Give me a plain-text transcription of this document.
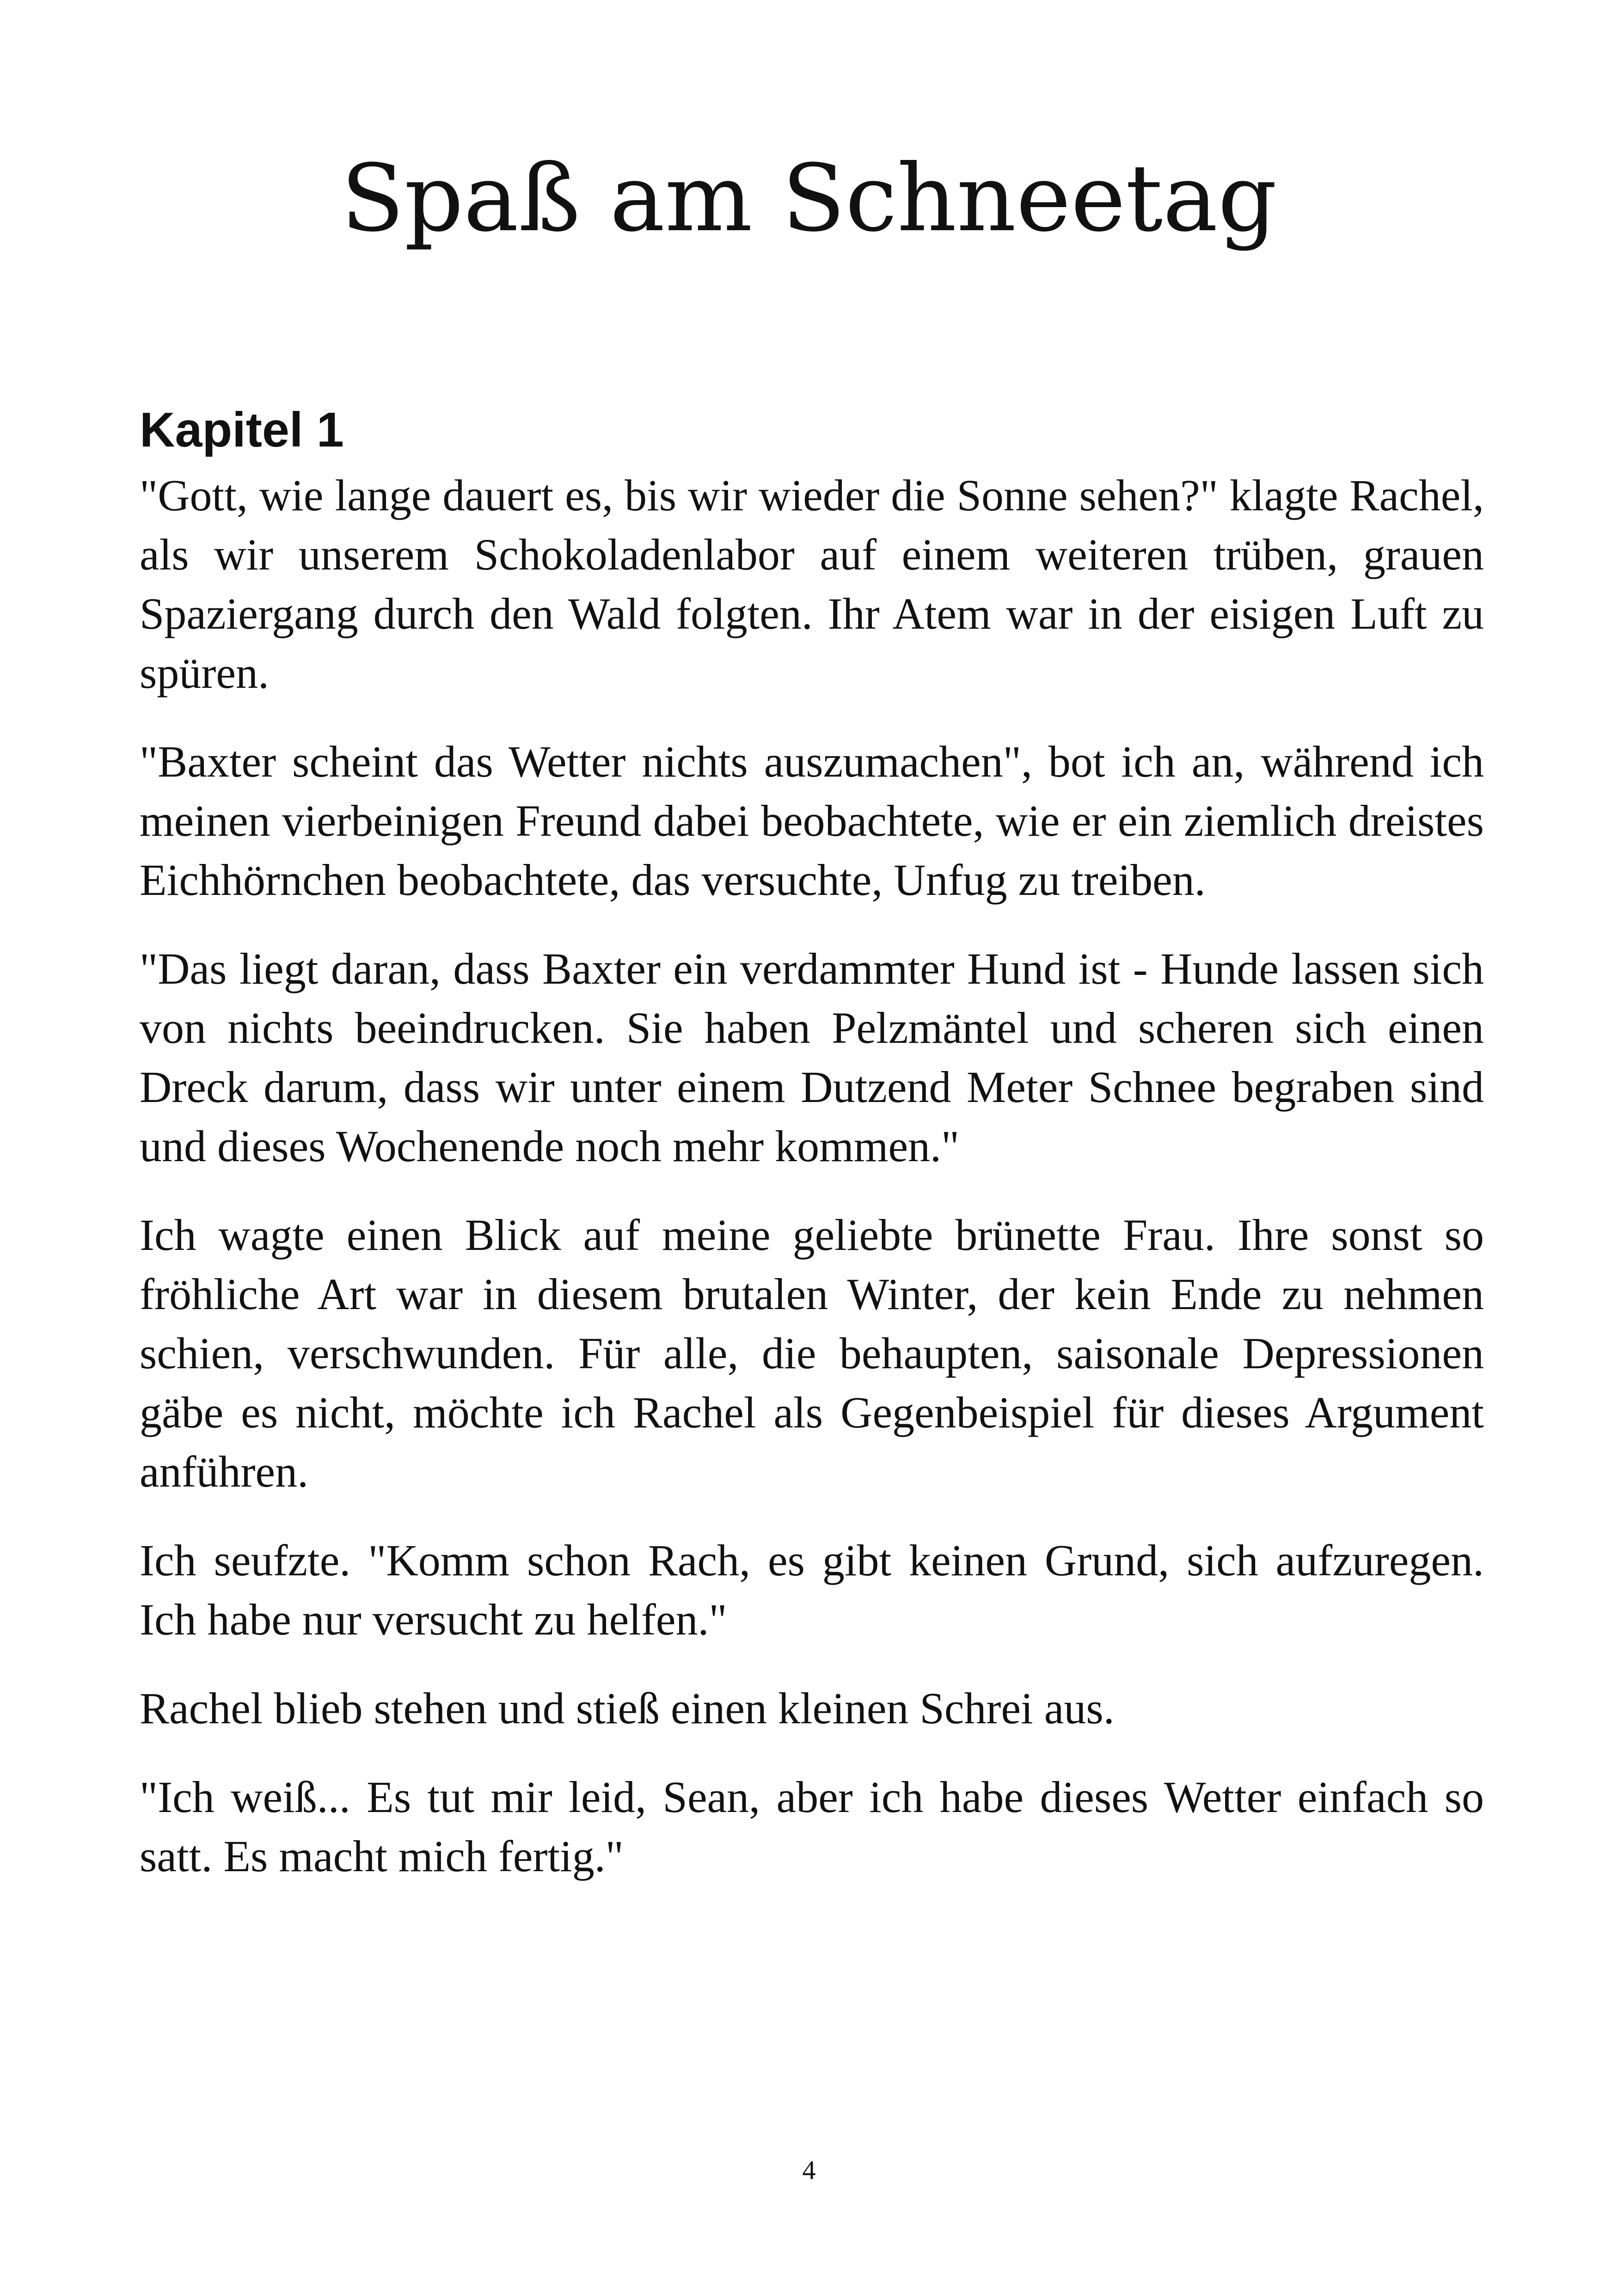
Spaß am Schneetag
Kapitel 1

"Gott, wie lange dauert es, bis wir wieder die Sonne sehen?" klagte Rachel, als wir unserem Schokoladenlabor auf einem weiteren trüben, grauen Spaziergang durch den Wald folgten. Ihr Atem war in der eisigen Luft zu spüren.

"Baxter scheint das Wetter nichts auszumachen", bot ich an, während ich meinen vierbeinigen Freund dabei beobachtete, wie er ein ziemlich dreistes Eichhörnchen beobachtete, das versuchte, Unfug zu treiben.

"Das liegt daran, dass Baxter ein verdammter Hund ist - Hunde lassen sich von nichts beeindrucken. Sie haben Pelzmäntel und scheren sich einen Dreck darum, dass wir unter einem Dutzend Meter Schnee begraben sind und dieses Wochenende noch mehr kommen."

Ich wagte einen Blick auf meine geliebte brünette Frau. Ihre sonst so fröhliche Art war in diesem brutalen Winter, der kein Ende zu nehmen schien, verschwunden. Für alle, die behaupten, saisonale Depressionen gäbe es nicht, möchte ich Rachel als Gegenbeispiel für dieses Argument anführen.

Ich seufzte. "Komm schon Rach, es gibt keinen Grund, sich aufzuregen. Ich habe nur versucht zu helfen."

Rachel blieb stehen und stieß einen kleinen Schrei aus.

"Ich weiß... Es tut mir leid, Sean, aber ich habe dieses Wetter einfach so satt. Es macht mich fertig."

4
